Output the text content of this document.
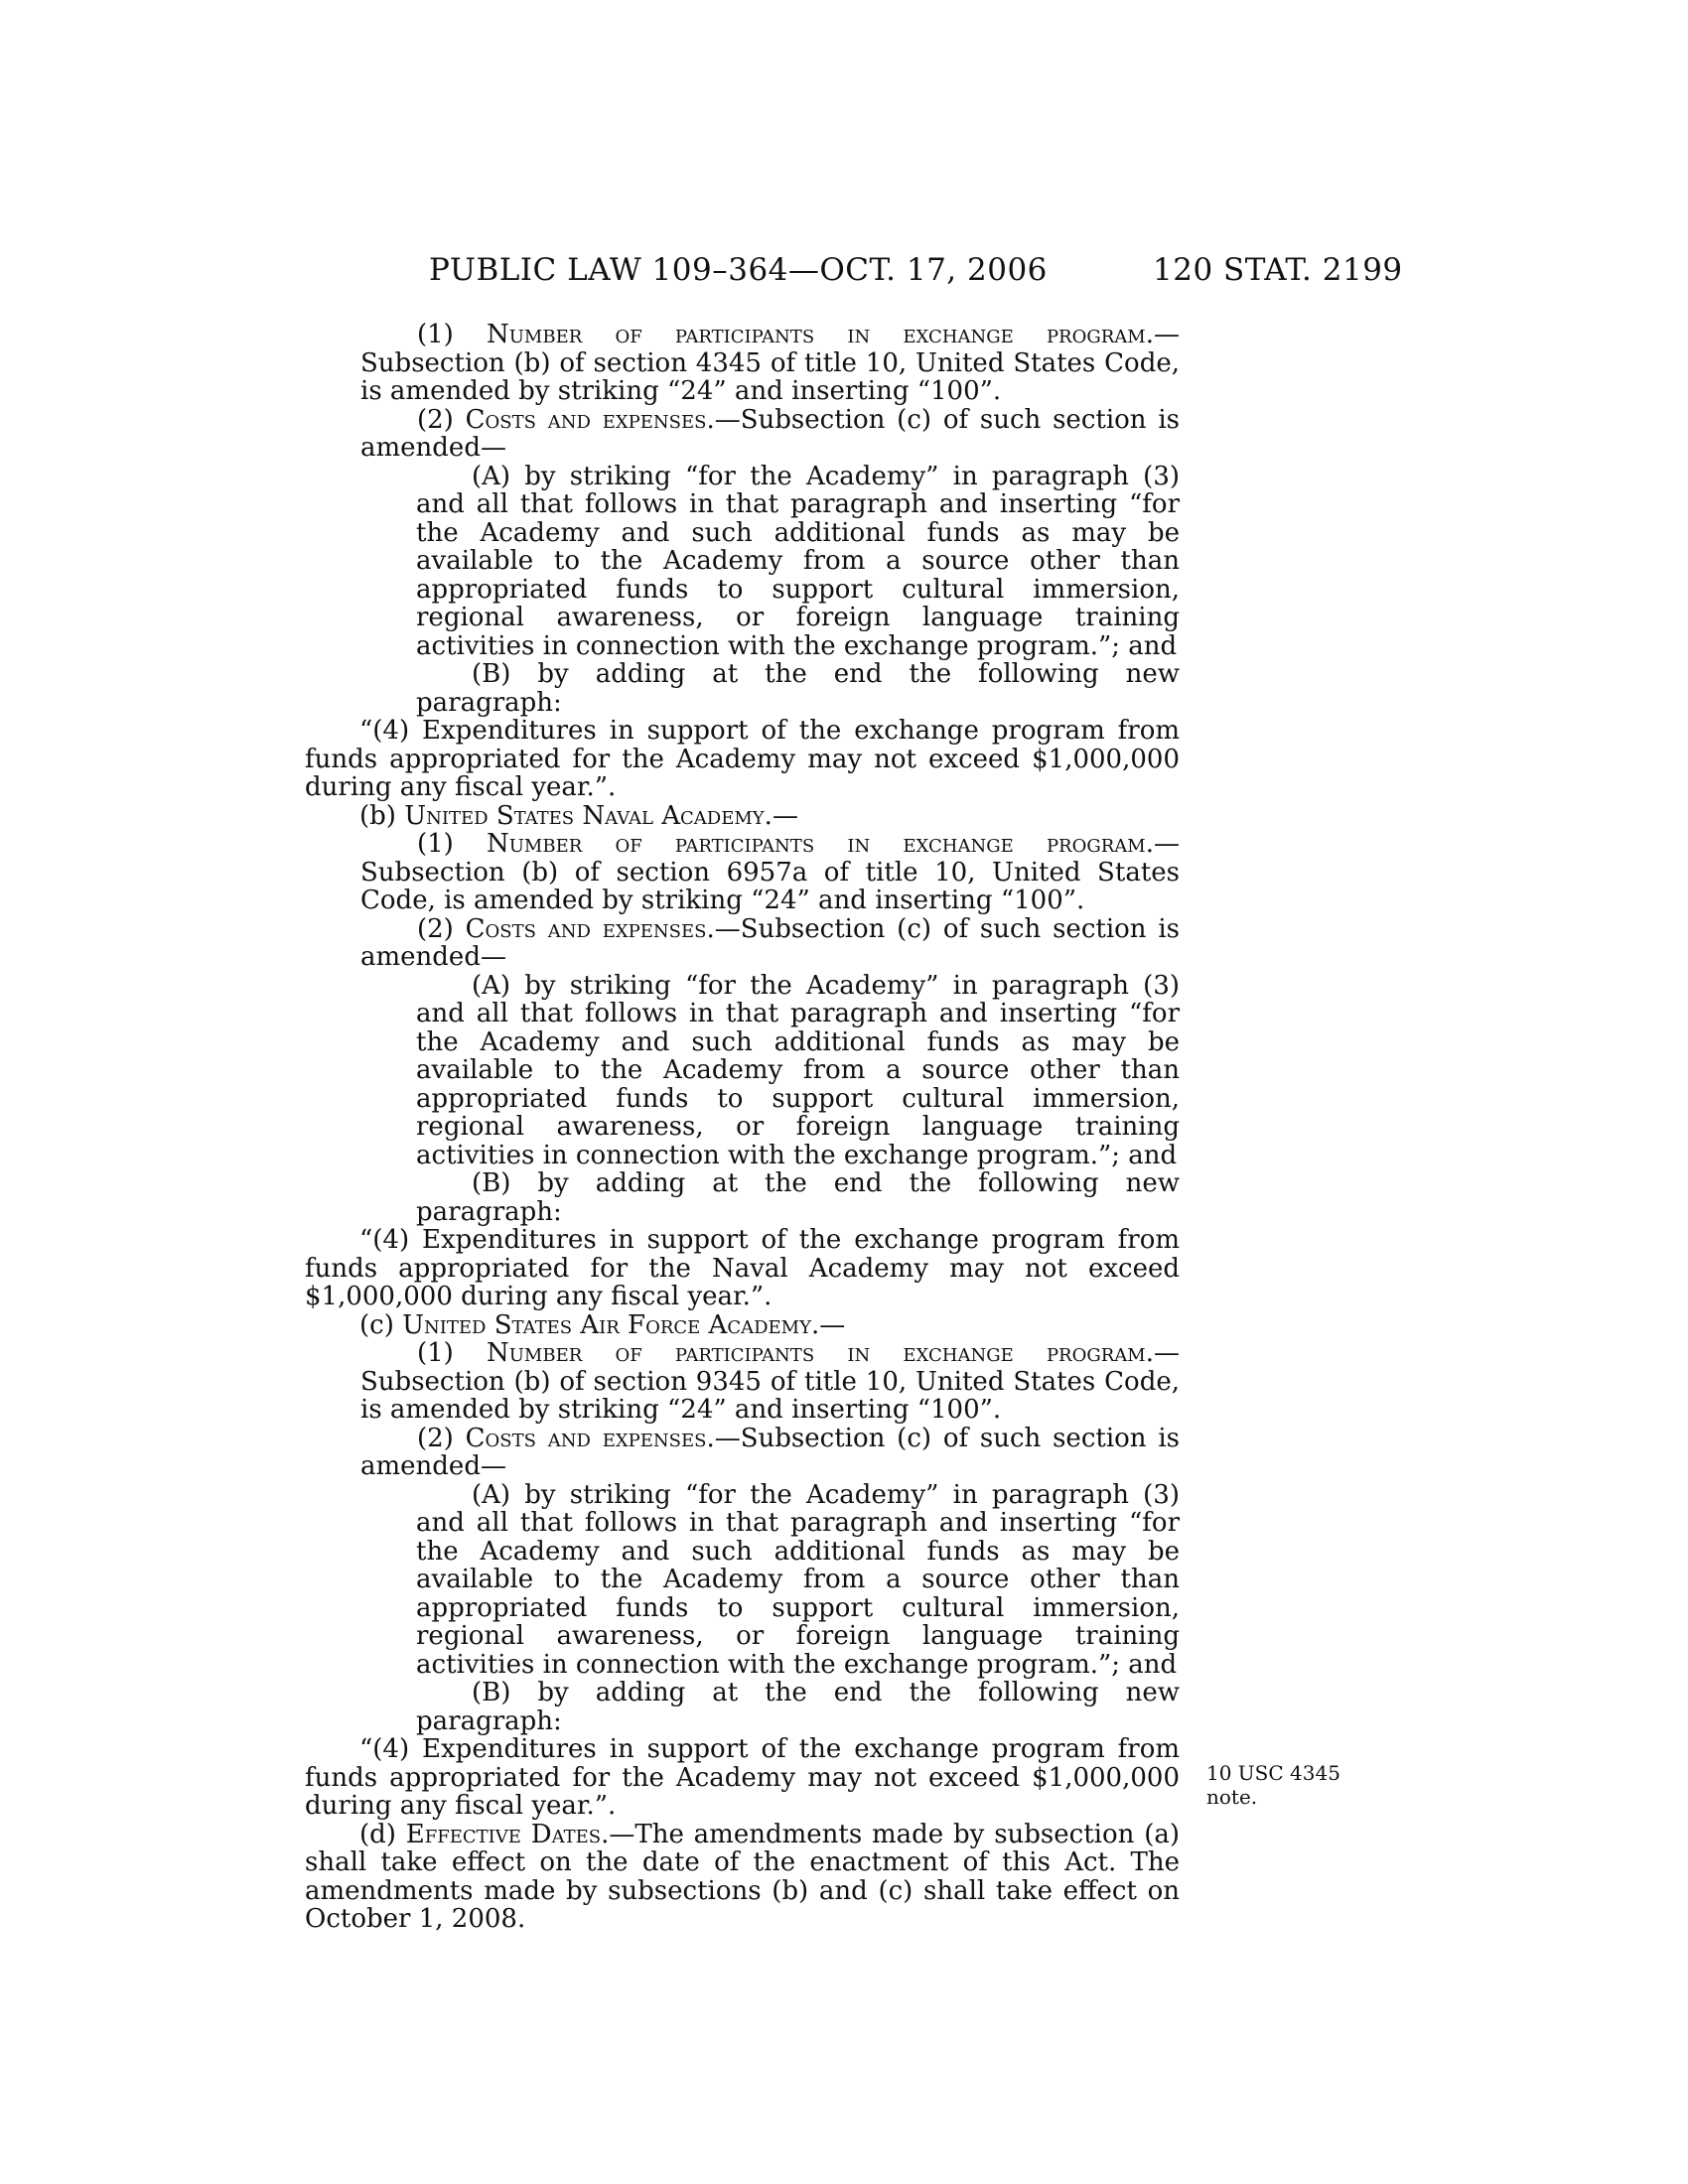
PUBLIC LAW 109–364—OCT. 17, 2006	120 STAT. 2199

(1) Number of participants in exchange program.— Subsection (b) of section 4345 of title 10, United States Code, is amended by striking “24” and inserting “100”.

(2) Costs and expenses.—Subsection (c) of such section is amended—

(A) by striking “for the Academy” in paragraph (3) and all that follows in that paragraph and inserting “for the Academy and such additional funds as may be available to the Academy from a source other than appropriated funds to support cultural immersion, regional awareness, or foreign language training activities in connection with the exchange program.”; and

(B) by adding at the end the following new paragraph:

“(4) Expenditures in support of the exchange program from funds appropriated for the Academy may not exceed $1,000,000 during any fiscal year.”.

(b) United States Naval Academy.—

(1) Number of participants in exchange program.— Subsection (b) of section 6957a of title 10, United States Code, is amended by striking “24” and inserting “100”.

(2) Costs and expenses.—Subsection (c) of such section is amended—

(A) by striking “for the Academy” in paragraph (3) and all that follows in that paragraph and inserting “for the Academy and such additional funds as may be available to the Academy from a source other than appropriated funds to support cultural immersion, regional awareness, or foreign language training activities in connection with the exchange program.”; and

(B) by adding at the end the following new paragraph:

“(4) Expenditures in support of the exchange program from funds appropriated for the Naval Academy may not exceed $1,000,000 during any fiscal year.”.

(c) United States Air Force Academy.—

(1) Number of participants in exchange program.— Subsection (b) of section 9345 of title 10, United States Code, is amended by striking “24” and inserting “100”.

(2) Costs and expenses.—Subsection (c) of such section is amended—

(A) by striking “for the Academy” in paragraph (3) and all that follows in that paragraph and inserting “for the Academy and such additional funds as may be available to the Academy from a source other than appropriated funds to support cultural immersion, regional awareness, or foreign language training activities in connection with the exchange program.”; and

(B) by adding at the end the following new paragraph:

“(4) Expenditures in support of the exchange program from funds appropriated for the Academy may not exceed $1,000,000 during any fiscal year.”.

(d) Effective Dates.—The amendments made by subsection (a) shall take effect on the date of the enactment of this Act. The amendments made by subsections (b) and (c) shall take effect on October 1, 2008.

10 USC 4345
note.
